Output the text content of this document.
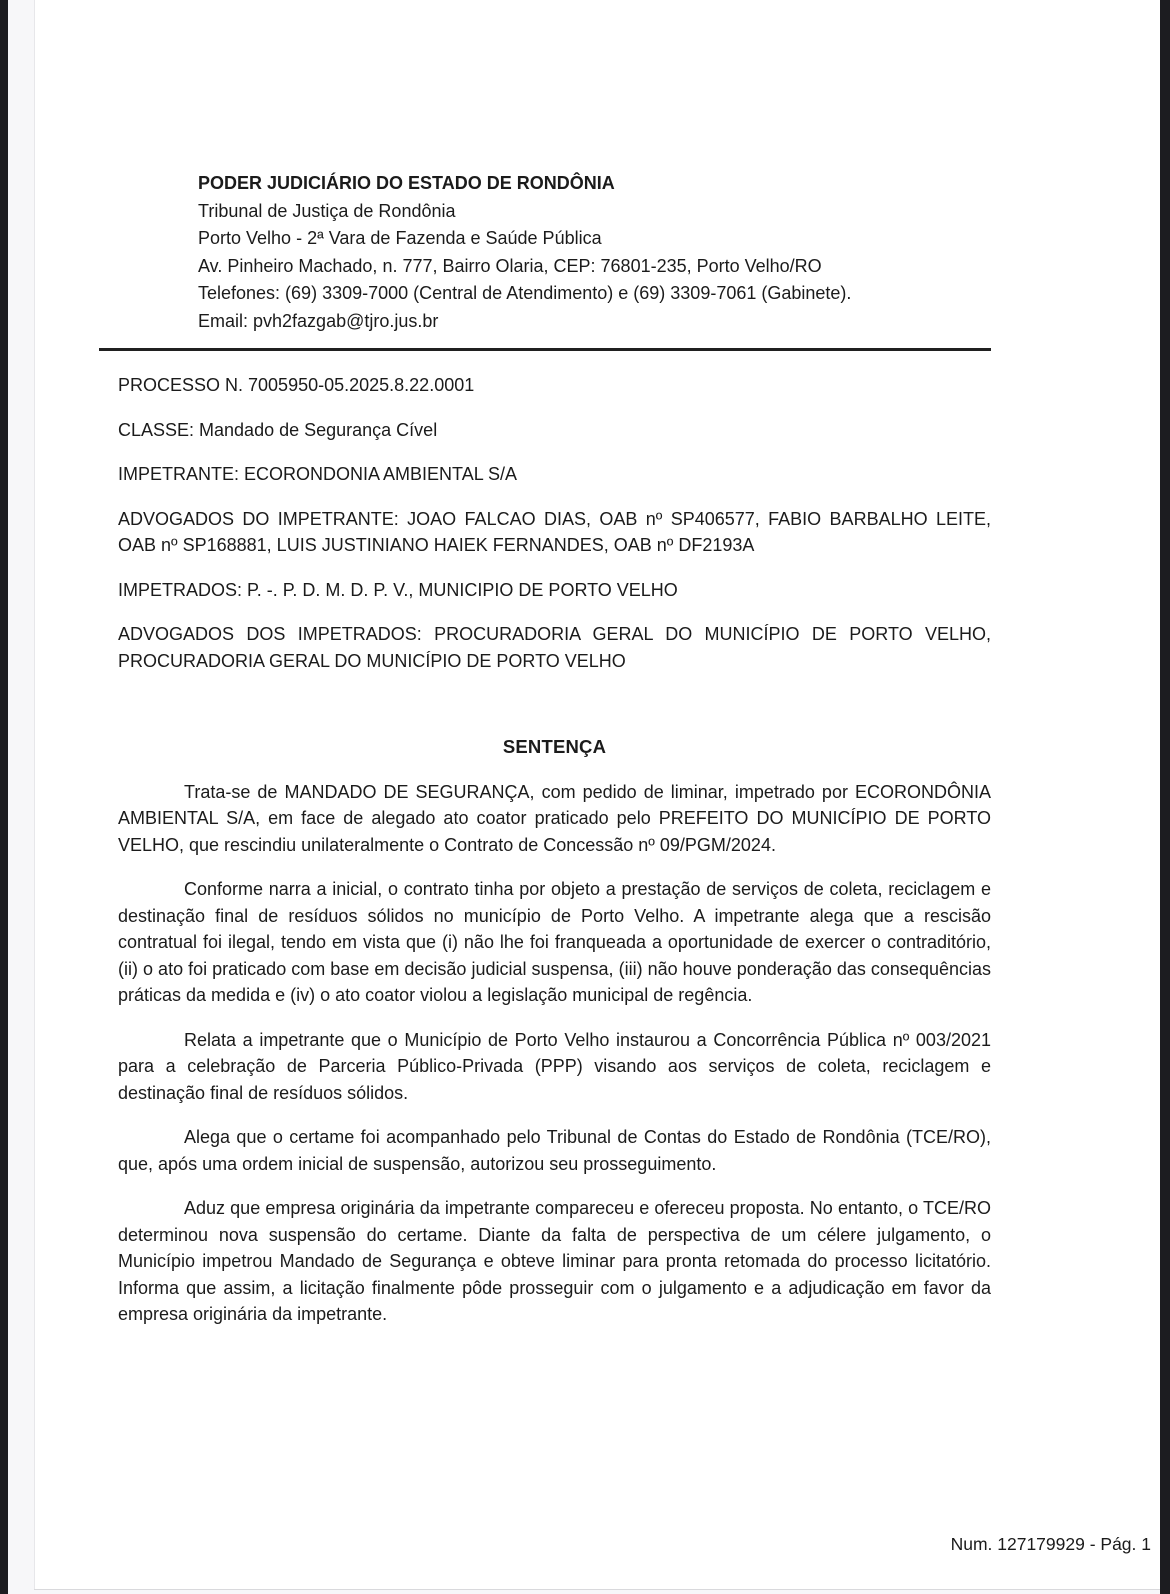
PODER JUDICIÁRIO DO ESTADO DE RONDÔNIA
Tribunal de Justiça de Rondônia
Porto Velho - 2ª Vara de Fazenda e Saúde Pública
Av. Pinheiro Machado, n. 777, Bairro Olaria, CEP: 76801-235, Porto Velho/RO
Telefones: (69) 3309-7000 (Central de Atendimento) e (69) 3309-7061 (Gabinete).
Email: pvh2fazgab@tjro.jus.br

PROCESSO N. 7005950-05.2025.8.22.0001

CLASSE: Mandado de Segurança Cível

IMPETRANTE: ECORONDONIA AMBIENTAL S/A

ADVOGADOS DO IMPETRANTE: JOAO FALCAO DIAS, OAB nº SP406577, FABIO BARBALHO LEITE, OAB nº SP168881, LUIS JUSTINIANO HAIEK FERNANDES, OAB nº DF2193A

IMPETRADOS: P. -. P. D. M. D. P. V., MUNICIPIO DE PORTO VELHO

ADVOGADOS DOS IMPETRADOS: PROCURADORIA GERAL DO MUNICÍPIO DE PORTO VELHO, PROCURADORIA GERAL DO MUNICÍPIO DE PORTO VELHO

SENTENÇA

Trata-se de MANDADO DE SEGURANÇA, com pedido de liminar, impetrado por ECORONDÔNIA AMBIENTAL S/A, em face de alegado ato coator praticado pelo PREFEITO DO MUNICÍPIO DE PORTO VELHO, que rescindiu unilateralmente o Contrato de Concessão nº 09/PGM/2024.

Conforme narra a inicial, o contrato tinha por objeto a prestação de serviços de coleta, reciclagem e destinação final de resíduos sólidos no município de Porto Velho. A impetrante alega que a rescisão contratual foi ilegal, tendo em vista que (i) não lhe foi franqueada a oportunidade de exercer o contraditório, (ii) o ato foi praticado com base em decisão judicial suspensa, (iii) não houve ponderação das consequências práticas da medida e (iv) o ato coator violou a legislação municipal de regência.

Relata a impetrante que o Município de Porto Velho instaurou a Concorrência Pública nº 003/2021 para a celebração de Parceria Público-Privada (PPP) visando aos serviços de coleta, reciclagem e destinação final de resíduos sólidos.

Alega que o certame foi acompanhado pelo Tribunal de Contas do Estado de Rondônia (TCE/RO), que, após uma ordem inicial de suspensão, autorizou seu prosseguimento.

Aduz que empresa originária da impetrante compareceu e ofereceu proposta. No entanto, o TCE/RO determinou nova suspensão do certame. Diante da falta de perspectiva de um célere julgamento, o Município impetrou Mandado de Segurança e obteve liminar para pronta retomada do processo licitatório. Informa que assim, a licitação finalmente pôde prosseguir com o julgamento e a adjudicação em favor da empresa originária da impetrante.

Num. 127179929 - Pág. 1
